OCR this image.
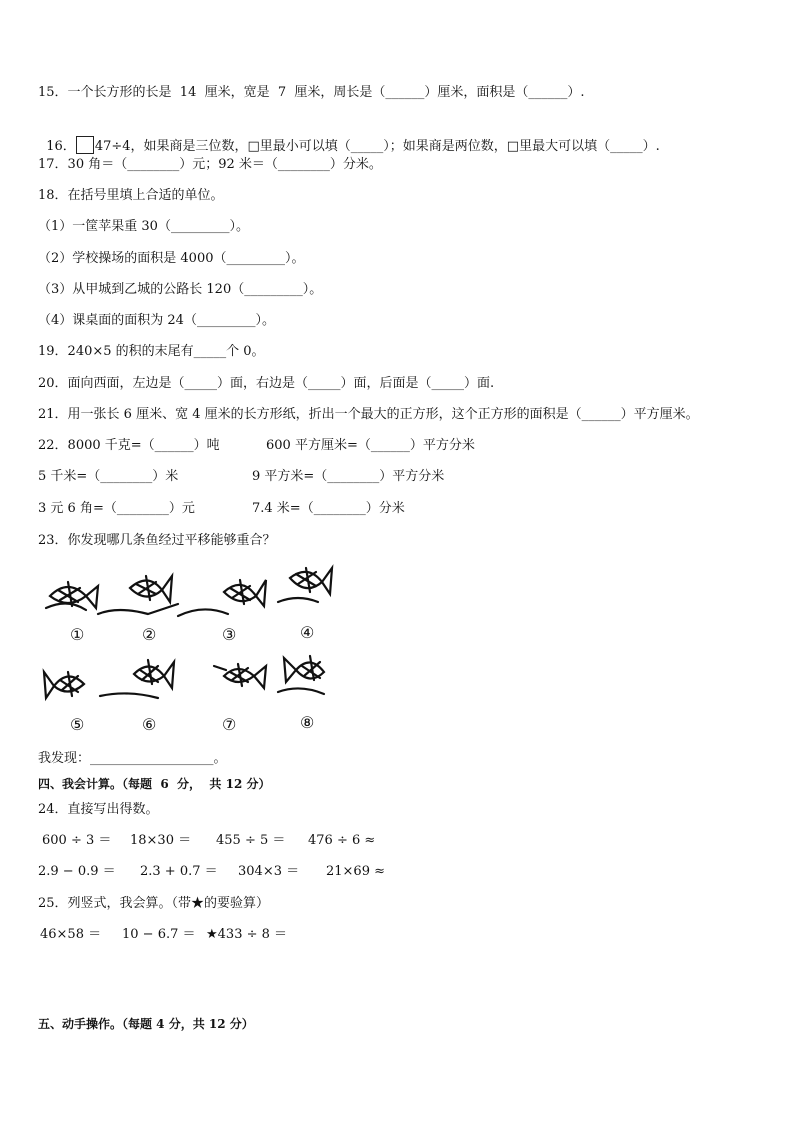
15．一个长方形的长是  14  厘米，宽是  7  厘米，周长是（______）厘米，面积是（______）.

16． 47÷4，如果商是三位数，□里最小可以填（_____）；如果商是两位数，□里最大可以填（_____）.

17．30 角＝（________）元；92 米＝（________）分米。
18．在括号里填上合适的单位。
（1）一筐苹果重 30（_________）。
（2）学校操场的面积是 4000（_________）。
（3）从甲城到乙城的公路长 120（_________）。
（4）课桌面的面积为 24（_________）。
19．240×5 的积的末尾有_____个 0。
20．面向西面，左边是（_____）面，右边是（_____）面，后面是（_____）面.
21．用一张长 6 厘米、宽 4 厘米的长方形纸，折出一个最大的正方形，这个正方形的面积是（______）平方厘米。
22．8000 千克=（______）吨	600 平方厘米=（______）平方分米
5 千米=（________）米	9 平方米=（________）平方分米
3 元 6 角=（________）元	7.4 米=（________）分米
23．你发现哪几条鱼经过平移能够重合？
①	②	③	④
⑤	⑥	⑦	⑧
我发现：___________________。
四、我会计算。（每题  6  分，  共 12 分）
24．直接写出得数。
600 ÷ 3 ＝ 18×30 ＝ 455 ÷ 5 ＝ 476 ÷ 6 ≈
2.9 − 0.9 ＝ 2.3 + 0.7 ＝ 304×3 ＝ 21×69 ≈
25．列竖式，我会算。（带★的要验算）
46×58 ＝ 10 − 6.7 ＝ ★433 ÷ 8 ＝
五、动手操作。（每题 4 分，共 12 分）
